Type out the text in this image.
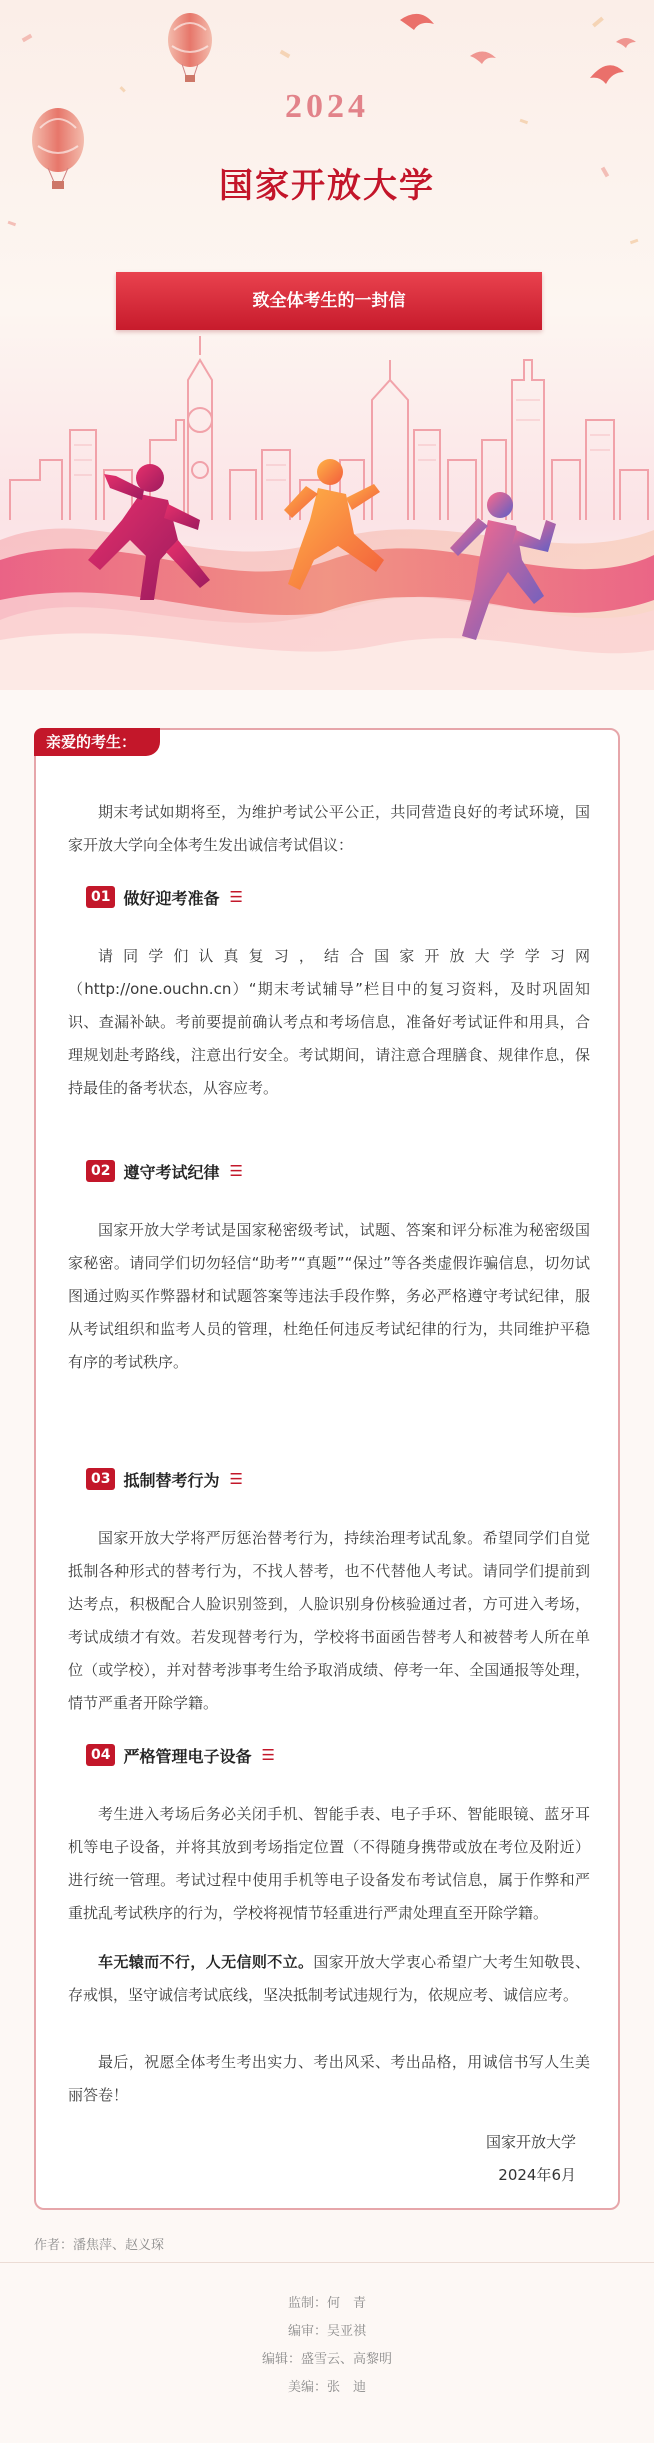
2024
国家开放大学
致全体考生的一封信
亲爱的考生：
期末考试如期将至，为维护考试公平公正，共同营造良好的考试环境，国家开放大学向全体考生发出诚信考试倡议：
01 做好迎考准备 ☰
请同学们认真复习，结合国家开放大学学习网（http://one.ouchn.cn）“期末考试辅导”栏目中的复习资料，及时巩固知识、查漏补缺。考前要提前确认考点和考场信息，准备好考试证件和用具，合理规划赴考路线，注意出行安全。考试期间，请注意合理膳食、规律作息，保持最佳的备考状态，从容应考。
02 遵守考试纪律 ☰
国家开放大学考试是国家秘密级考试，试题、答案和评分标准为秘密级国家秘密。请同学们切勿轻信“助考”“真题”“保过”等各类虚假诈骗信息，切勿试图通过购买作弊器材和试题答案等违法手段作弊，务必严格遵守考试纪律，服从考试组织和监考人员的管理，杜绝任何违反考试纪律的行为，共同维护平稳有序的考试秩序。
03 抵制替考行为 ☰
国家开放大学将严厉惩治替考行为，持续治理考试乱象。希望同学们自觉抵制各种形式的替考行为，不找人替考，也不代替他人考试。请同学们提前到达考点，积极配合人脸识别签到，人脸识别身份核验通过者，方可进入考场，考试成绩才有效。若发现替考行为，学校将书面函告替考人和被替考人所在单位（或学校），并对替考涉事考生给予取消成绩、停考一年、全国通报等处理，情节严重者开除学籍。
04 严格管理电子设备 ☰
考生进入考场后务必关闭手机、智能手表、电子手环、智能眼镜、蓝牙耳机等电子设备，并将其放到考场指定位置（不得随身携带或放在考位及附近）进行统一管理。考试过程中使用手机等电子设备发布考试信息，属于作弊和严重扰乱考试秩序的行为，学校将视情节轻重进行严肃处理直至开除学籍。
车无辕而不行，人无信则不立。国家开放大学衷心希望广大考生知敬畏、存戒惧，坚守诚信考试底线，坚决抵制考试违规行为，依规应考、诚信应考。
最后，祝愿全体考生考出实力、考出风采、考出品格，用诚信书写人生美丽答卷！
国家开放大学
2024年6月
作者：潘焦萍、赵义琛
监制：何　青
编审：吴亚祺
编辑：盛雪云、高黎明
美编：张　迪
